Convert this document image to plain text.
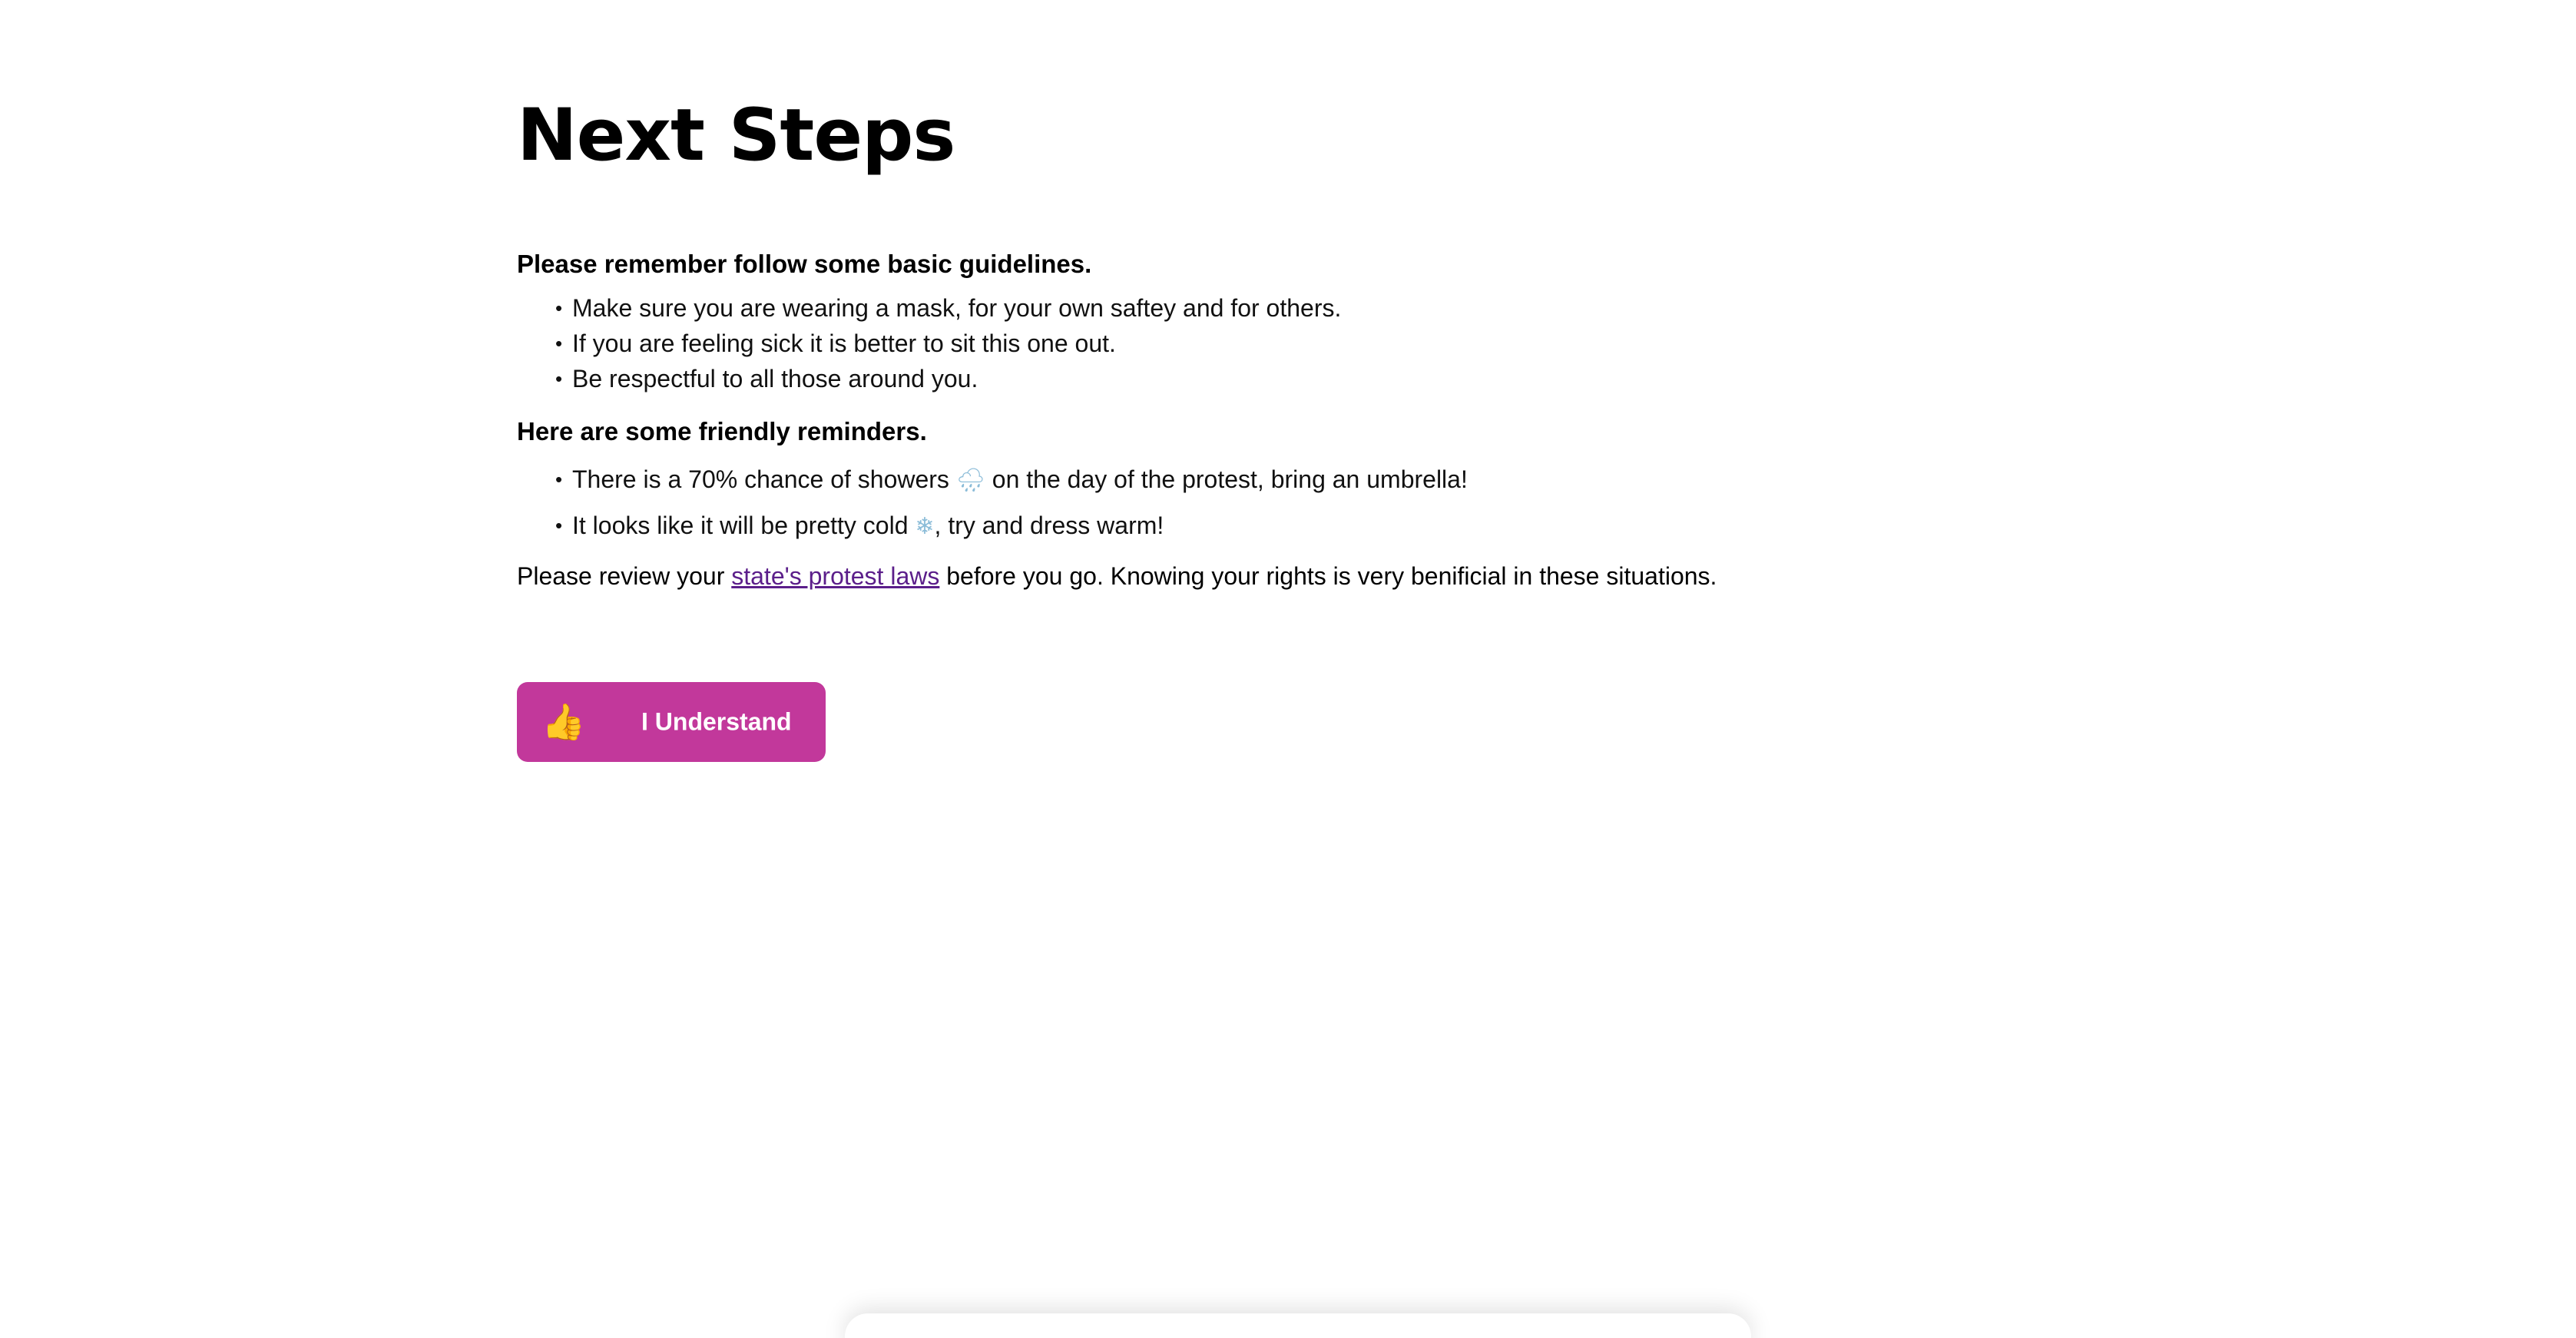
Next Steps

Please remember follow some basic guidelines.

• Make sure you are wearing a mask, for your own saftey and for others.
• If you are feeling sick it is better to sit this one out.
• Be respectful to all those around you.

Here are some friendly reminders.

• There is a 70% chance of showers 🌧 on the day of the protest, bring an umbrella!
• It looks like it will be pretty cold ❄, try and dress warm!

Please review your state's protest laws before you go. Knowing your rights is very benificial in these situations.

👍 I Understand
